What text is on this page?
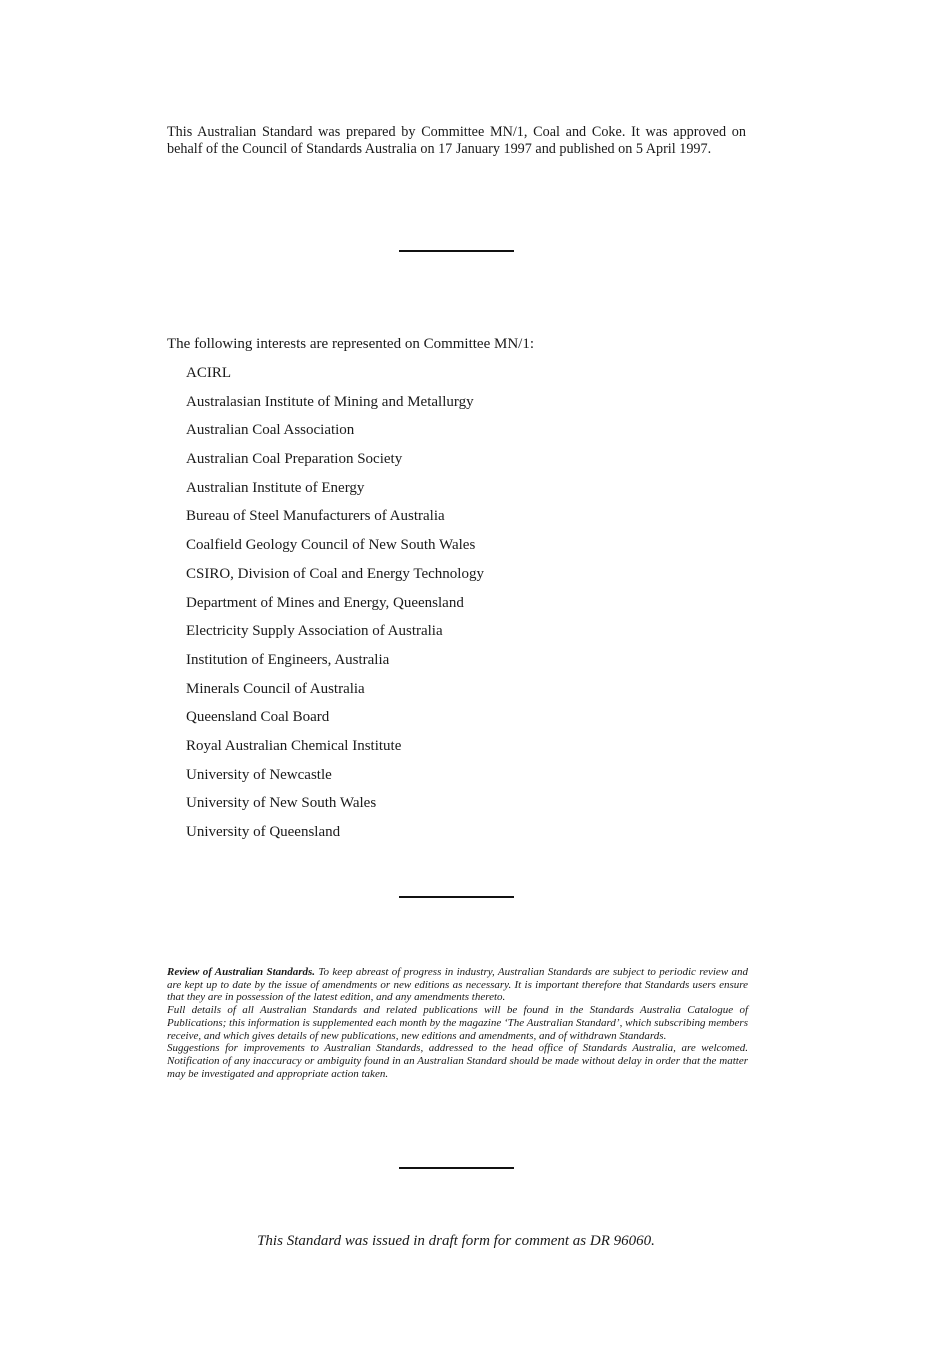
This Australian Standard was prepared by Committee MN/1, Coal and Coke. It was approved on behalf of the Council of Standards Australia on 17 January 1997 and published on 5 April 1997.

The following interests are represented on Committee MN/1:

ACIRL
Australasian Institute of Mining and Metallurgy
Australian Coal Association
Australian Coal Preparation Society
Australian Institute of Energy
Bureau of Steel Manufacturers of Australia
Coalfield Geology Council of New South Wales
CSIRO, Division of Coal and Energy Technology
Department of Mines and Energy, Queensland
Electricity Supply Association of Australia
Institution of Engineers, Australia
Minerals Council of Australia
Queensland Coal Board
Royal Australian Chemical Institute
University of Newcastle
University of New South Wales
University of Queensland

Review of Australian Standards. To keep abreast of progress in industry, Australian Standards are subject to periodic review and are kept up to date by the issue of amendments or new editions as necessary. It is important therefore that Standards users ensure that they are in possession of the latest edition, and any amendments thereto.

Full details of all Australian Standards and related publications will be found in the Standards Australia Catalogue of Publications; this information is supplemented each month by the magazine ‘The Australian Standard’, which subscribing members receive, and which gives details of new publications, new editions and amendments, and of withdrawn Standards.

Suggestions for improvements to Australian Standards, addressed to the head office of Standards Australia, are welcomed. Notification of any inaccuracy or ambiguity found in an Australian Standard should be made without delay in order that the matter may be investigated and appropriate action taken.

This Standard was issued in draft form for comment as DR 96060.
